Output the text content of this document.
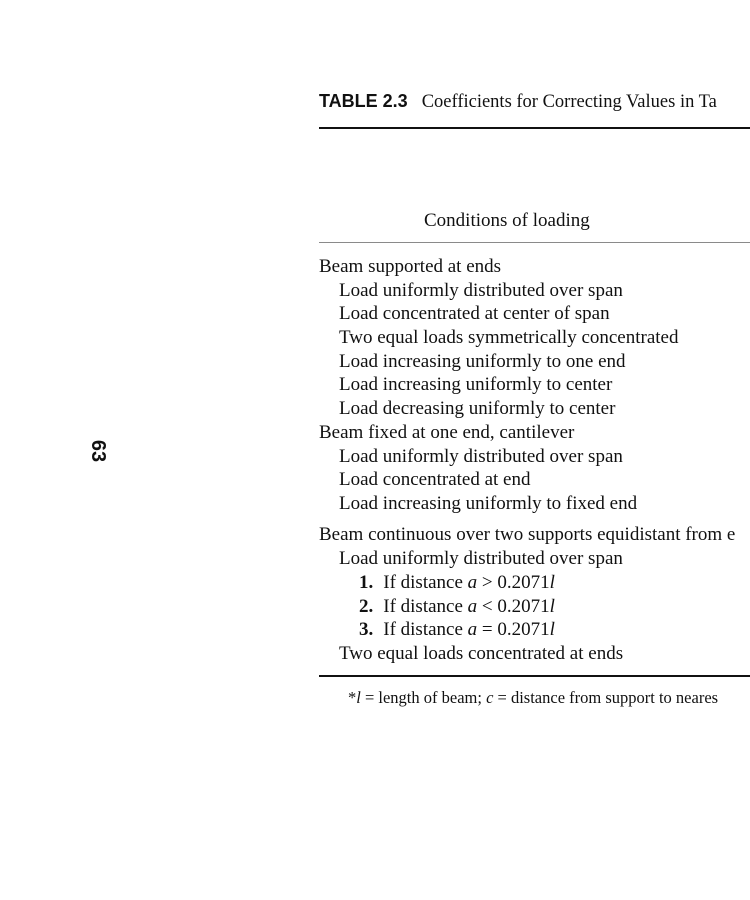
63
TABLE 2.3 Coefficients for Correcting Values in Ta
Conditions of loading
Beam supported at ends
Load uniformly distributed over span
Load concentrated at center of span
Two equal loads symmetrically concentrated
Load increasing uniformly to one end
Load increasing uniformly to center
Load decreasing uniformly to center
Beam fixed at one end, cantilever
Load uniformly distributed over span
Load concentrated at end
Load increasing uniformly to fixed end
Beam continuous over two supports equidistant from e
Load uniformly distributed over span
1. If distance a > 0.2071l
2. If distance a < 0.2071l
3. If distance a = 0.2071l
Two equal loads concentrated at ends
*l = length of beam; c = distance from support to neares
